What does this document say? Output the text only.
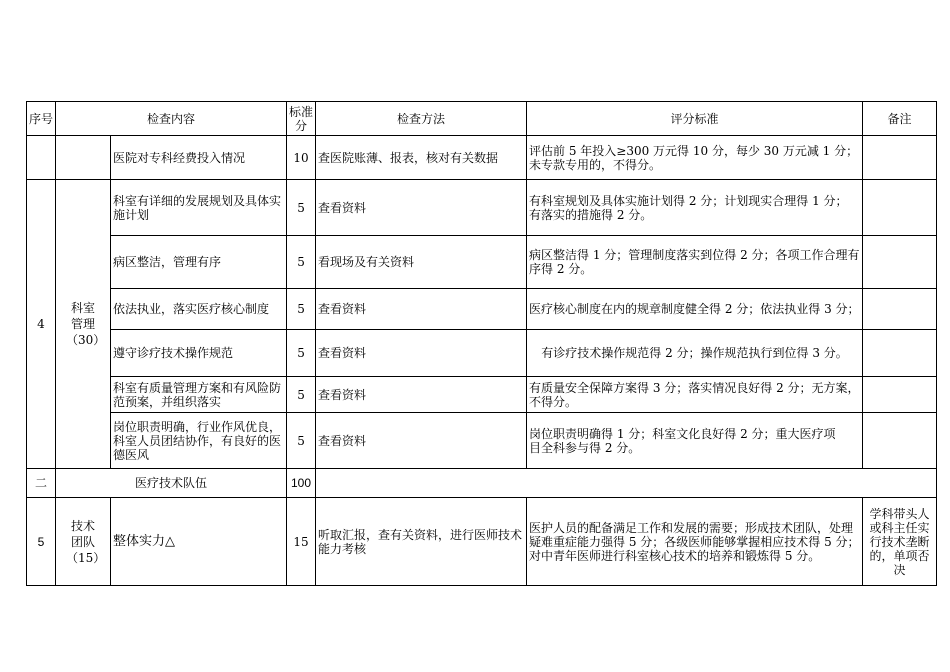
序号	检查内容		标准分	检查方法	评分标准	备注
		医院对专科经费投入情况	10	查医院账薄、报表，核对有关数据	评估前 5 年投入≥300 万元得 10 分，每少 30 万元减 1 分；未专款专用的，不得分。	
4	科室管理（30）	科室有详细的发展规划及具体实施计划	5	查看资料	有科室规划及具体实施计划得 2 分；计划现实合理得 1 分；
有落实的措施得 2 分。	
		病区整洁，管理有序	5	看现场及有关资料	病区整洁得 1 分；管理制度落实到位得 2 分；各项工作合理有序得 2 分。	
		依法执业，落实医疗核心制度	5	查看资料	医疗核心制度在内的规章制度健全得 2 分；依法执业得 3 分；	
		遵守诊疗技术操作规范	5	查看资料	有诊疗技术操作规范得 2 分；操作规范执行到位得 3 分。	
		科室有质量管理方案和有风险防范预案，并组织落实	5	查看资料	有质量安全保障方案得 3 分；落实情况良好得 2 分；无方案，不得分。	
		岗位职责明确，行业作风优良，科室人员团结协作，有良好的医德医风	5	查看资料	岗位职责明确得 1 分；科室文化良好得 2 分；重大医疗项
目全科参与得 2 分。	
二	医疗技术队伍		100			
5	技术团队（15）	整体实力△	15	听取汇报，查有关资料，进行医师技术能力考核	医护人员的配备满足工作和发展的需要；形成技术团队，处理疑难重症能力强得 5 分；各级医师能够掌握相应技术得 5 分；对中青年医师进行科室核心技术的培养和锻炼得 5 分。	学科带头人或科主任实行技术垄断的，单项否决
